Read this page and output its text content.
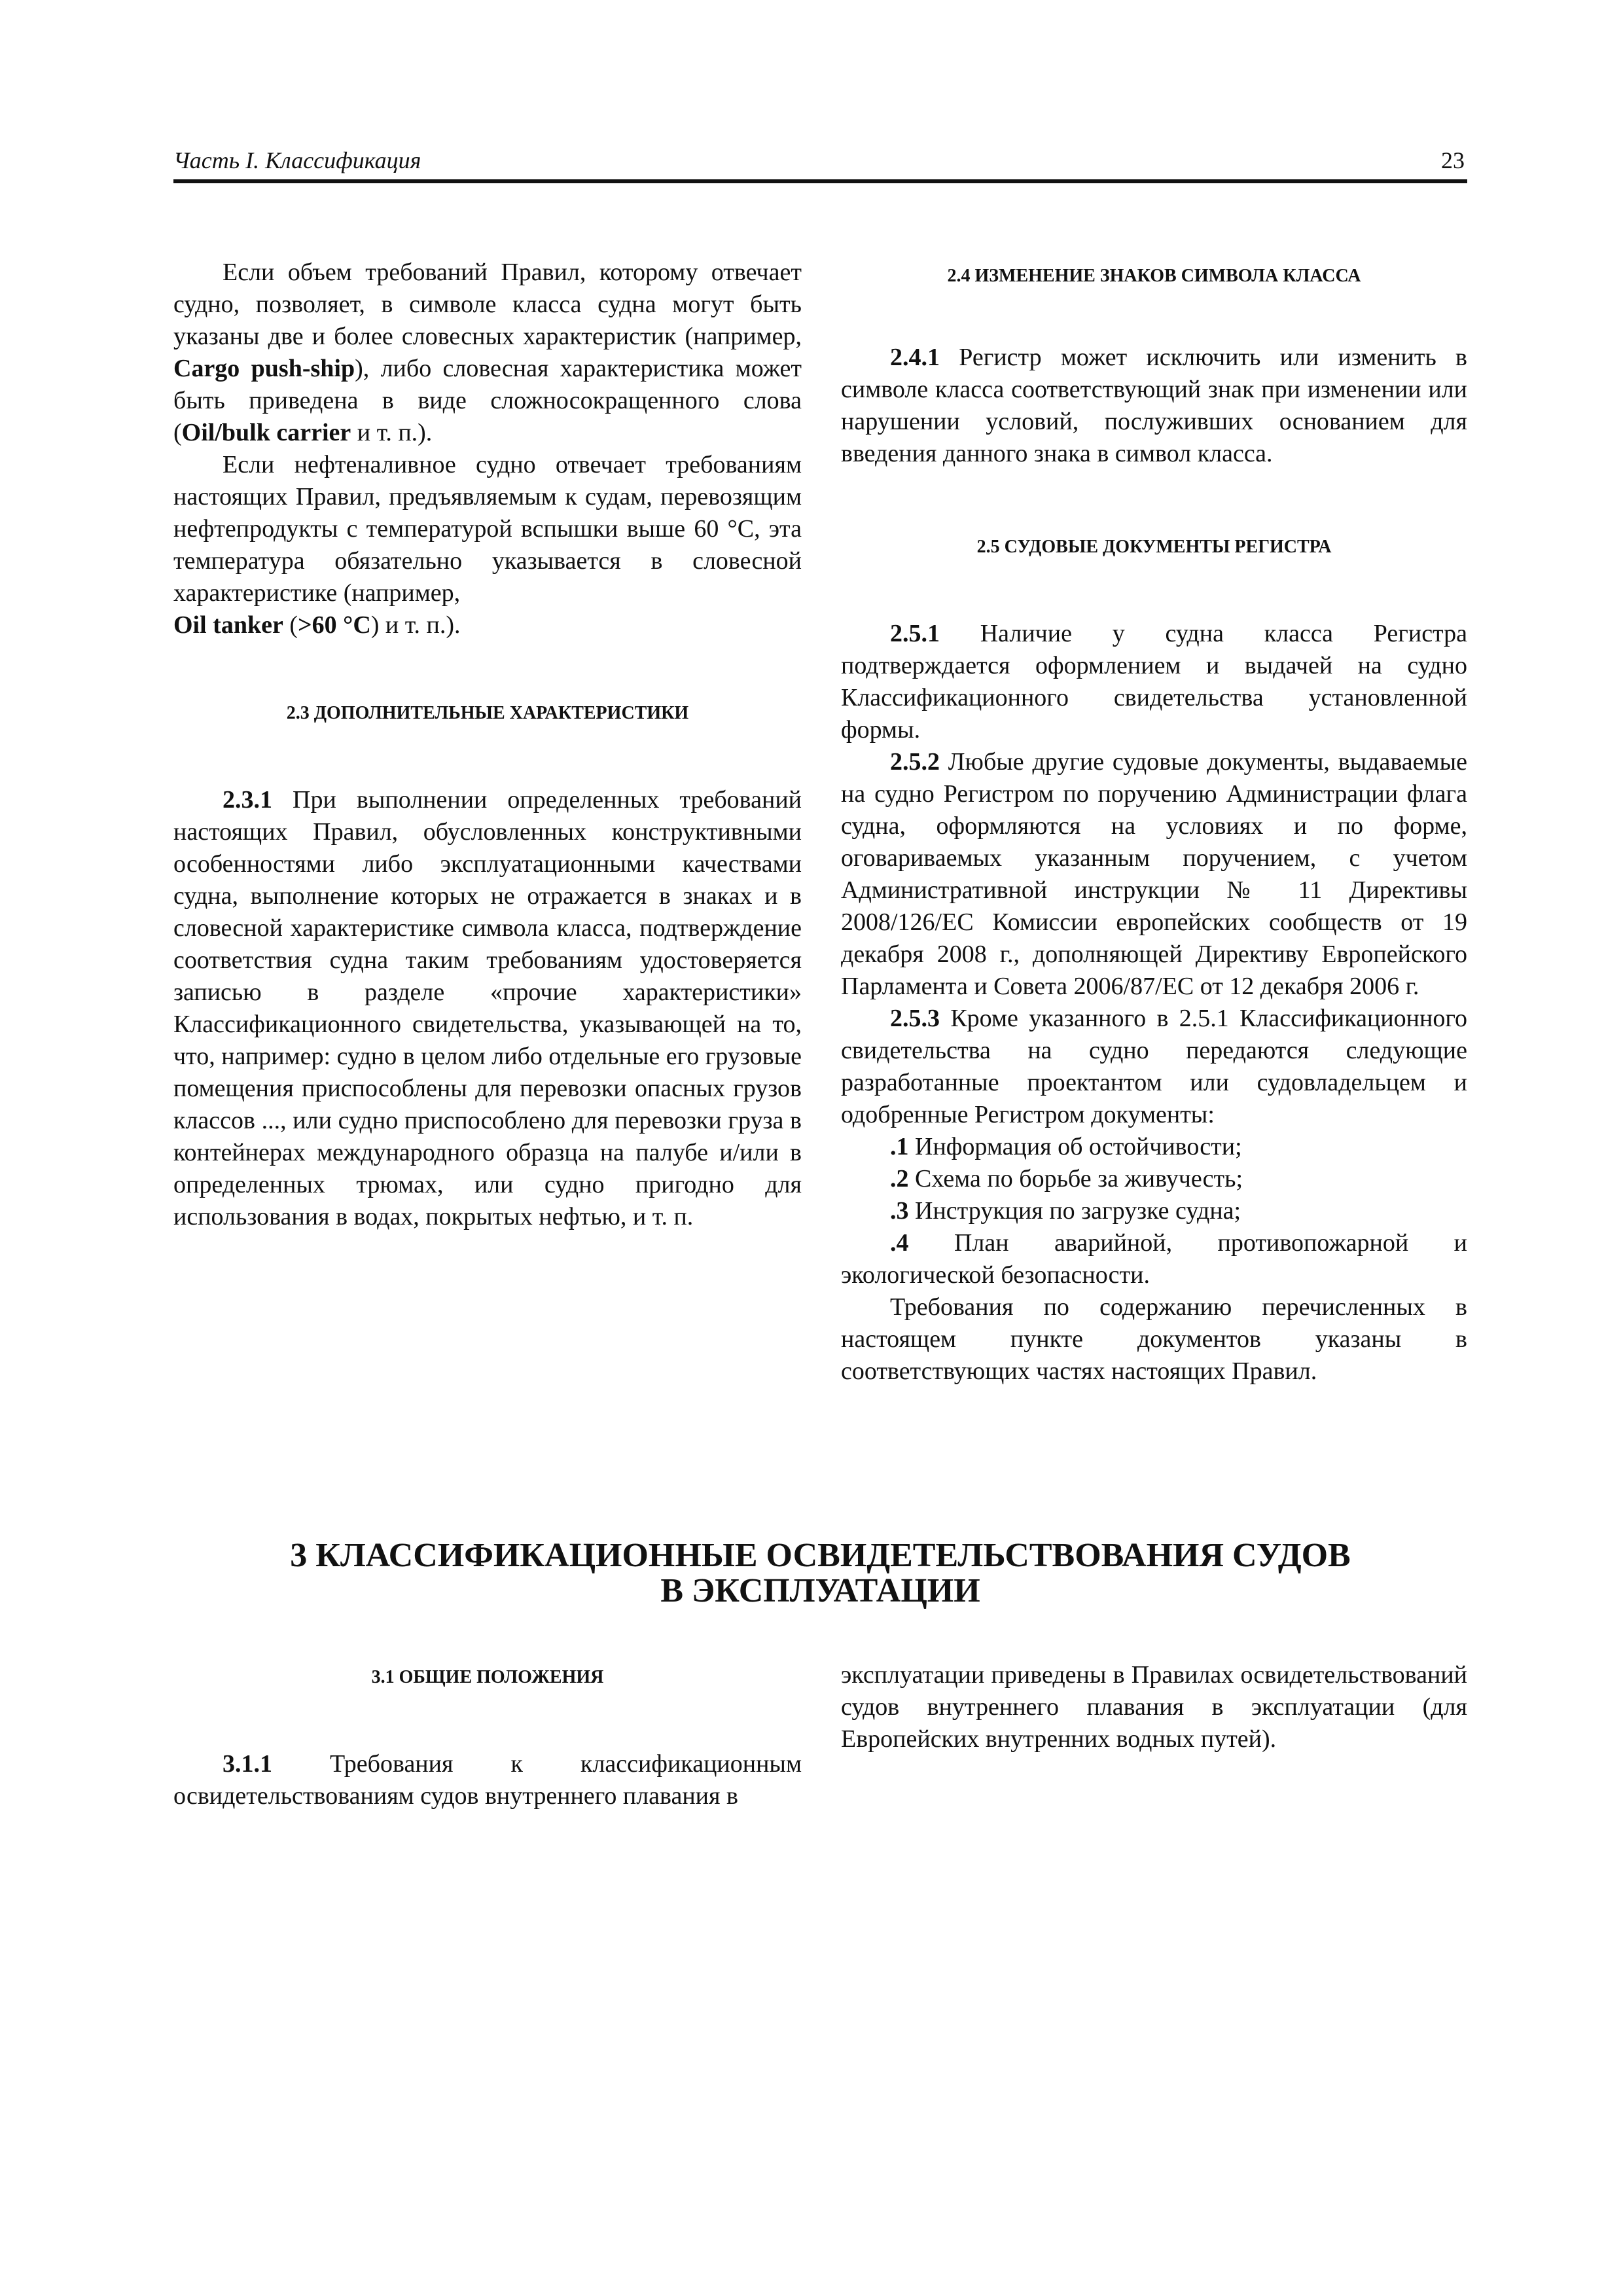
Часть I. Классификация	23

Если объем требований Правил, которому отвечает судно, позволяет, в символе класса судна могут быть указаны две и более словесных характеристик (например, Cargo push-ship), либо словесная характеристика может быть приведена в виде сложносокращенного слова (Oil/bulk carrier и т. п.).

Если нефтеналивное судно отвечает требованиям настоящих Правил, предъявляемым к судам, перевозящим нефтепродукты с температурой вспышки выше 60 °С, эта температура обязательно указывается в словесной характеристике (например,
Oil tanker (>60 °С) и т. п.).

2.3 ДОПОЛНИТЕЛЬНЫЕ ХАРАКТЕРИСТИКИ

2.3.1 При выполнении определенных требований настоящих Правил, обусловленных конструктивными особенностями либо эксплуатационными качествами судна, выполнение которых не отражается в знаках и в словесной характеристике символа класса, подтверждение соответствия судна таким требованиям удостоверяется записью в разделе «прочие характеристики» Классификационного свидетельства, указывающей на то, что, например: судно в целом либо отдельные его грузовые помещения приспособлены для перевозки опасных грузов классов ..., или судно приспособлено для перевозки груза в контейнерах международного образца на палубе и/или в определенных трюмах, или судно пригодно для использования в водах, покрытых нефтью, и т. п.

2.4 ИЗМЕНЕНИЕ ЗНАКОВ СИМВОЛА КЛАССА

2.4.1 Регистр может исключить или изменить в символе класса соответствующий знак при изменении или нарушении условий, послуживших основанием для введения данного знака в символ класса.

2.5 СУДОВЫЕ ДОКУМЕНТЫ РЕГИСТРА

2.5.1 Наличие у судна класса Регистра подтверждается оформлением и выдачей на судно Классификационного свидетельства установленной формы.

2.5.2 Любые другие судовые документы, выдаваемые на судно Регистром по поручению Администрации флага судна, оформляются на условиях и по форме, оговариваемых указанным поручением, с учетом Административной инструкции № 11 Директивы 2008/126/ЕС Комиссии европейских сообществ от 19 декабря 2008 г., дополняющей Директиву Европейского Парламента и Совета 2006/87/ЕС от 12 декабря 2006 г.

2.5.3 Кроме указанного в 2.5.1 Классификационного свидетельства на судно передаются следующие разработанные проектантом или судовладельцем и одобренные Регистром документы:

.1 Информация об остойчивости;

.2 Схема по борьбе за живучесть;

.3 Инструкция по загрузке судна;

.4 План аварийной, противопожарной и экологической безопасности.

Требования по содержанию перечисленных в настоящем пункте документов указаны в соответствующих частях настоящих Правил.

3 КЛАССИФИКАЦИОННЫЕ ОСВИДЕТЕЛЬСТВОВАНИЯ СУДОВ
В ЭКСПЛУАТАЦИИ

3.1 ОБЩИЕ ПОЛОЖЕНИЯ

3.1.1 Требования к классификационным освидетельствованиям судов внутреннего плавания в

эксплуатации приведены в Правилах освидетельствований судов внутреннего плавания в эксплуатации (для Европейских внутренних водных путей).
